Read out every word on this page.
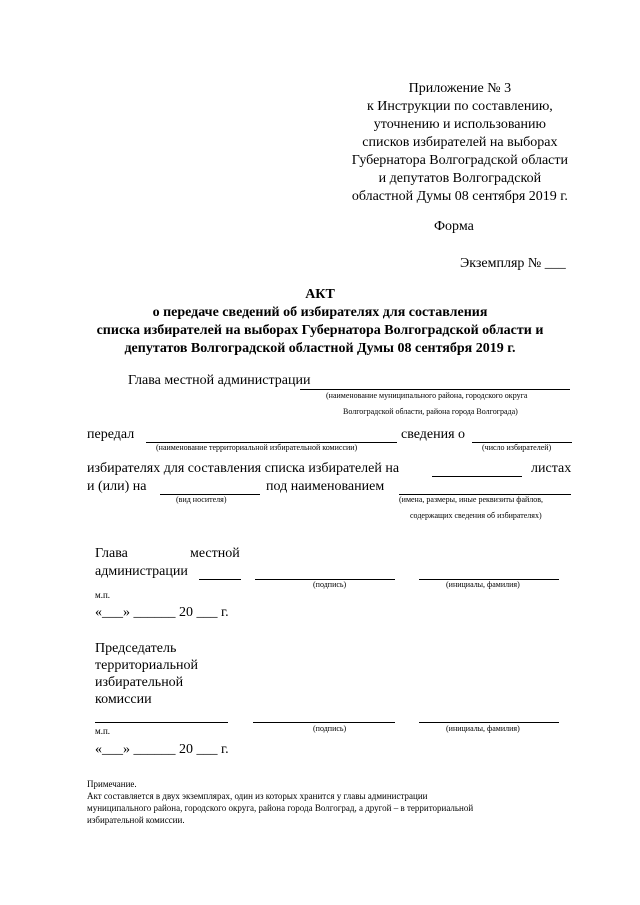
Приложение № 3
к Инструкции по составлению,
уточнению и использованию
списков избирателей на выборах
Губернатора Волгоградской области
и депутатов Волгоградской
областной Думы 08 сентября 2019 г.
Форма
Экземпляр № ___
АКТ
о передаче сведений об избирателях для составления
списка избирателей на выборах Губернатора Волгоградской области и
депутатов Волгоградской областной Думы 08 сентября 2019 г.
Глава местной администрации
(наименование муниципального района, городского округа
Волгоградской области, района города Волгограда)
передал
(наименование территориальной избирательной комиссии)
сведения о
(число избирателей)
избирателях для составления списка избирателей на	листах
и (или) на	под наименованием
(вид носителя)	(имена, размеры, иные реквизиты файлов,
содержащих сведения об избирателях)
Глава	местной
администрации
(подпись)	(инициалы, фамилия)
м.п.
«___» ______ 20 ___ г.
Председатель
территориальной
избирательной
комиссии
(подпись)	(инициалы, фамилия)
м.п.
«___» ______ 20 ___ г.
Примечание.
Акт составляется в двух экземплярах, один из которых хранится у главы администрации
муниципального района, городского округа, района города Волгоград, а другой – в территориальной
избирательной комиссии.
